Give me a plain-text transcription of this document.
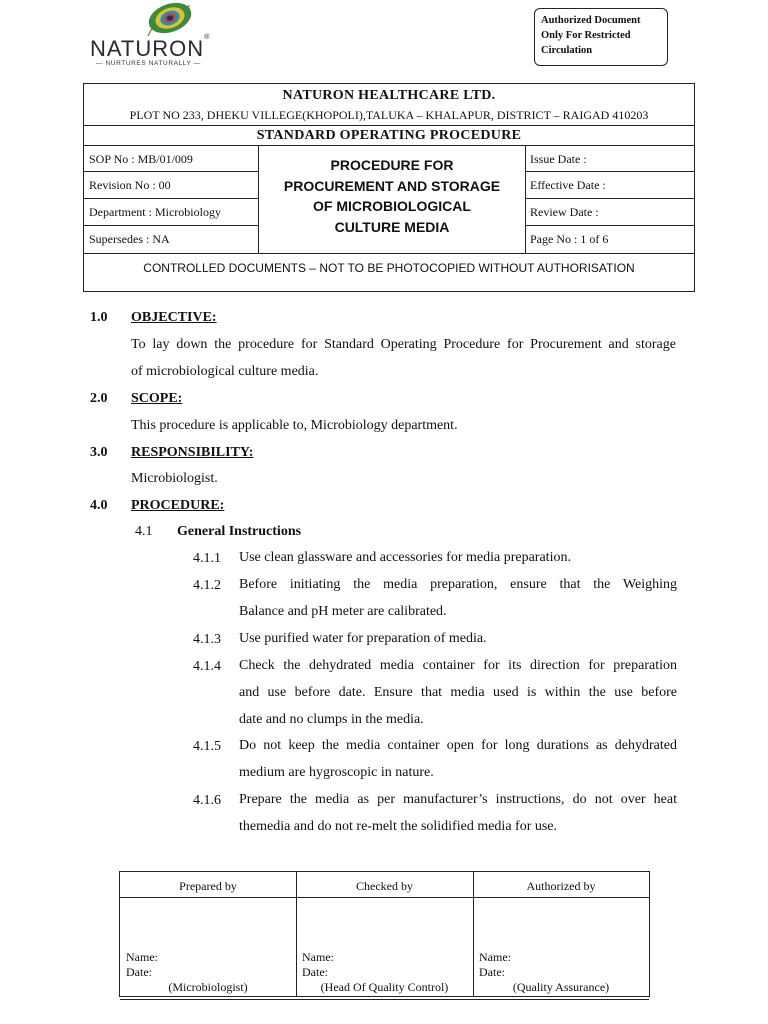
NATURON®
— NURTURES NATURALLY —
Authorized Document
Only For Restricted
Circulation
NATURON HEALTHCARE LTD.
PLOT NO 233, DHEKU VILLEGE(KHOPOLI),TALUKA – KHALAPUR, DISTRICT – RAIGAD 410203
STANDARD OPERATING PROCEDURE
SOP No : MB/01/009
Revision No : 00
Department : Microbiology
Supersedes : NA
PROCEDURE FOR
PROCUREMENT AND STORAGE
OF MICROBIOLOGICAL
CULTURE MEDIA
Issue Date :
Effective Date :
Review Date :
Page No : 1 of 6
CONTROLLED DOCUMENTS – NOT TO BE PHOTOCOPIED WITHOUT AUTHORISATION
1.0 OBJECTIVE:
To lay down the procedure for Standard Operating Procedure for Procurement and storage
of microbiological culture media.
2.0 SCOPE:
This procedure is applicable to, Microbiology department.
3.0 RESPONSIBILITY:
Microbiologist.
4.0 PROCEDURE:
4.1 General Instructions
4.1.1 Use clean glassware and accessories for media preparation.
4.1.2 Before initiating the media preparation, ensure that the Weighing
Balance and pH meter are calibrated.
4.1.3 Use purified water for preparation of media.
4.1.4 Check the dehydrated media container for its direction for preparation
and use before date. Ensure that media used is within the use before
date and no clumps in the media.
4.1.5 Do not keep the media container open for long durations as dehydrated
medium are hygroscopic in nature.
4.1.6 Prepare the media as per manufacturer’s instructions, do not over heat
themedia and do not re-melt the solidified media for use.
Prepared by
Name:
Date:
(Microbiologist)
Checked by
Name:
Date:
(Head Of Quality Control)
Authorized by
Name:
Date:
(Quality Assurance)
